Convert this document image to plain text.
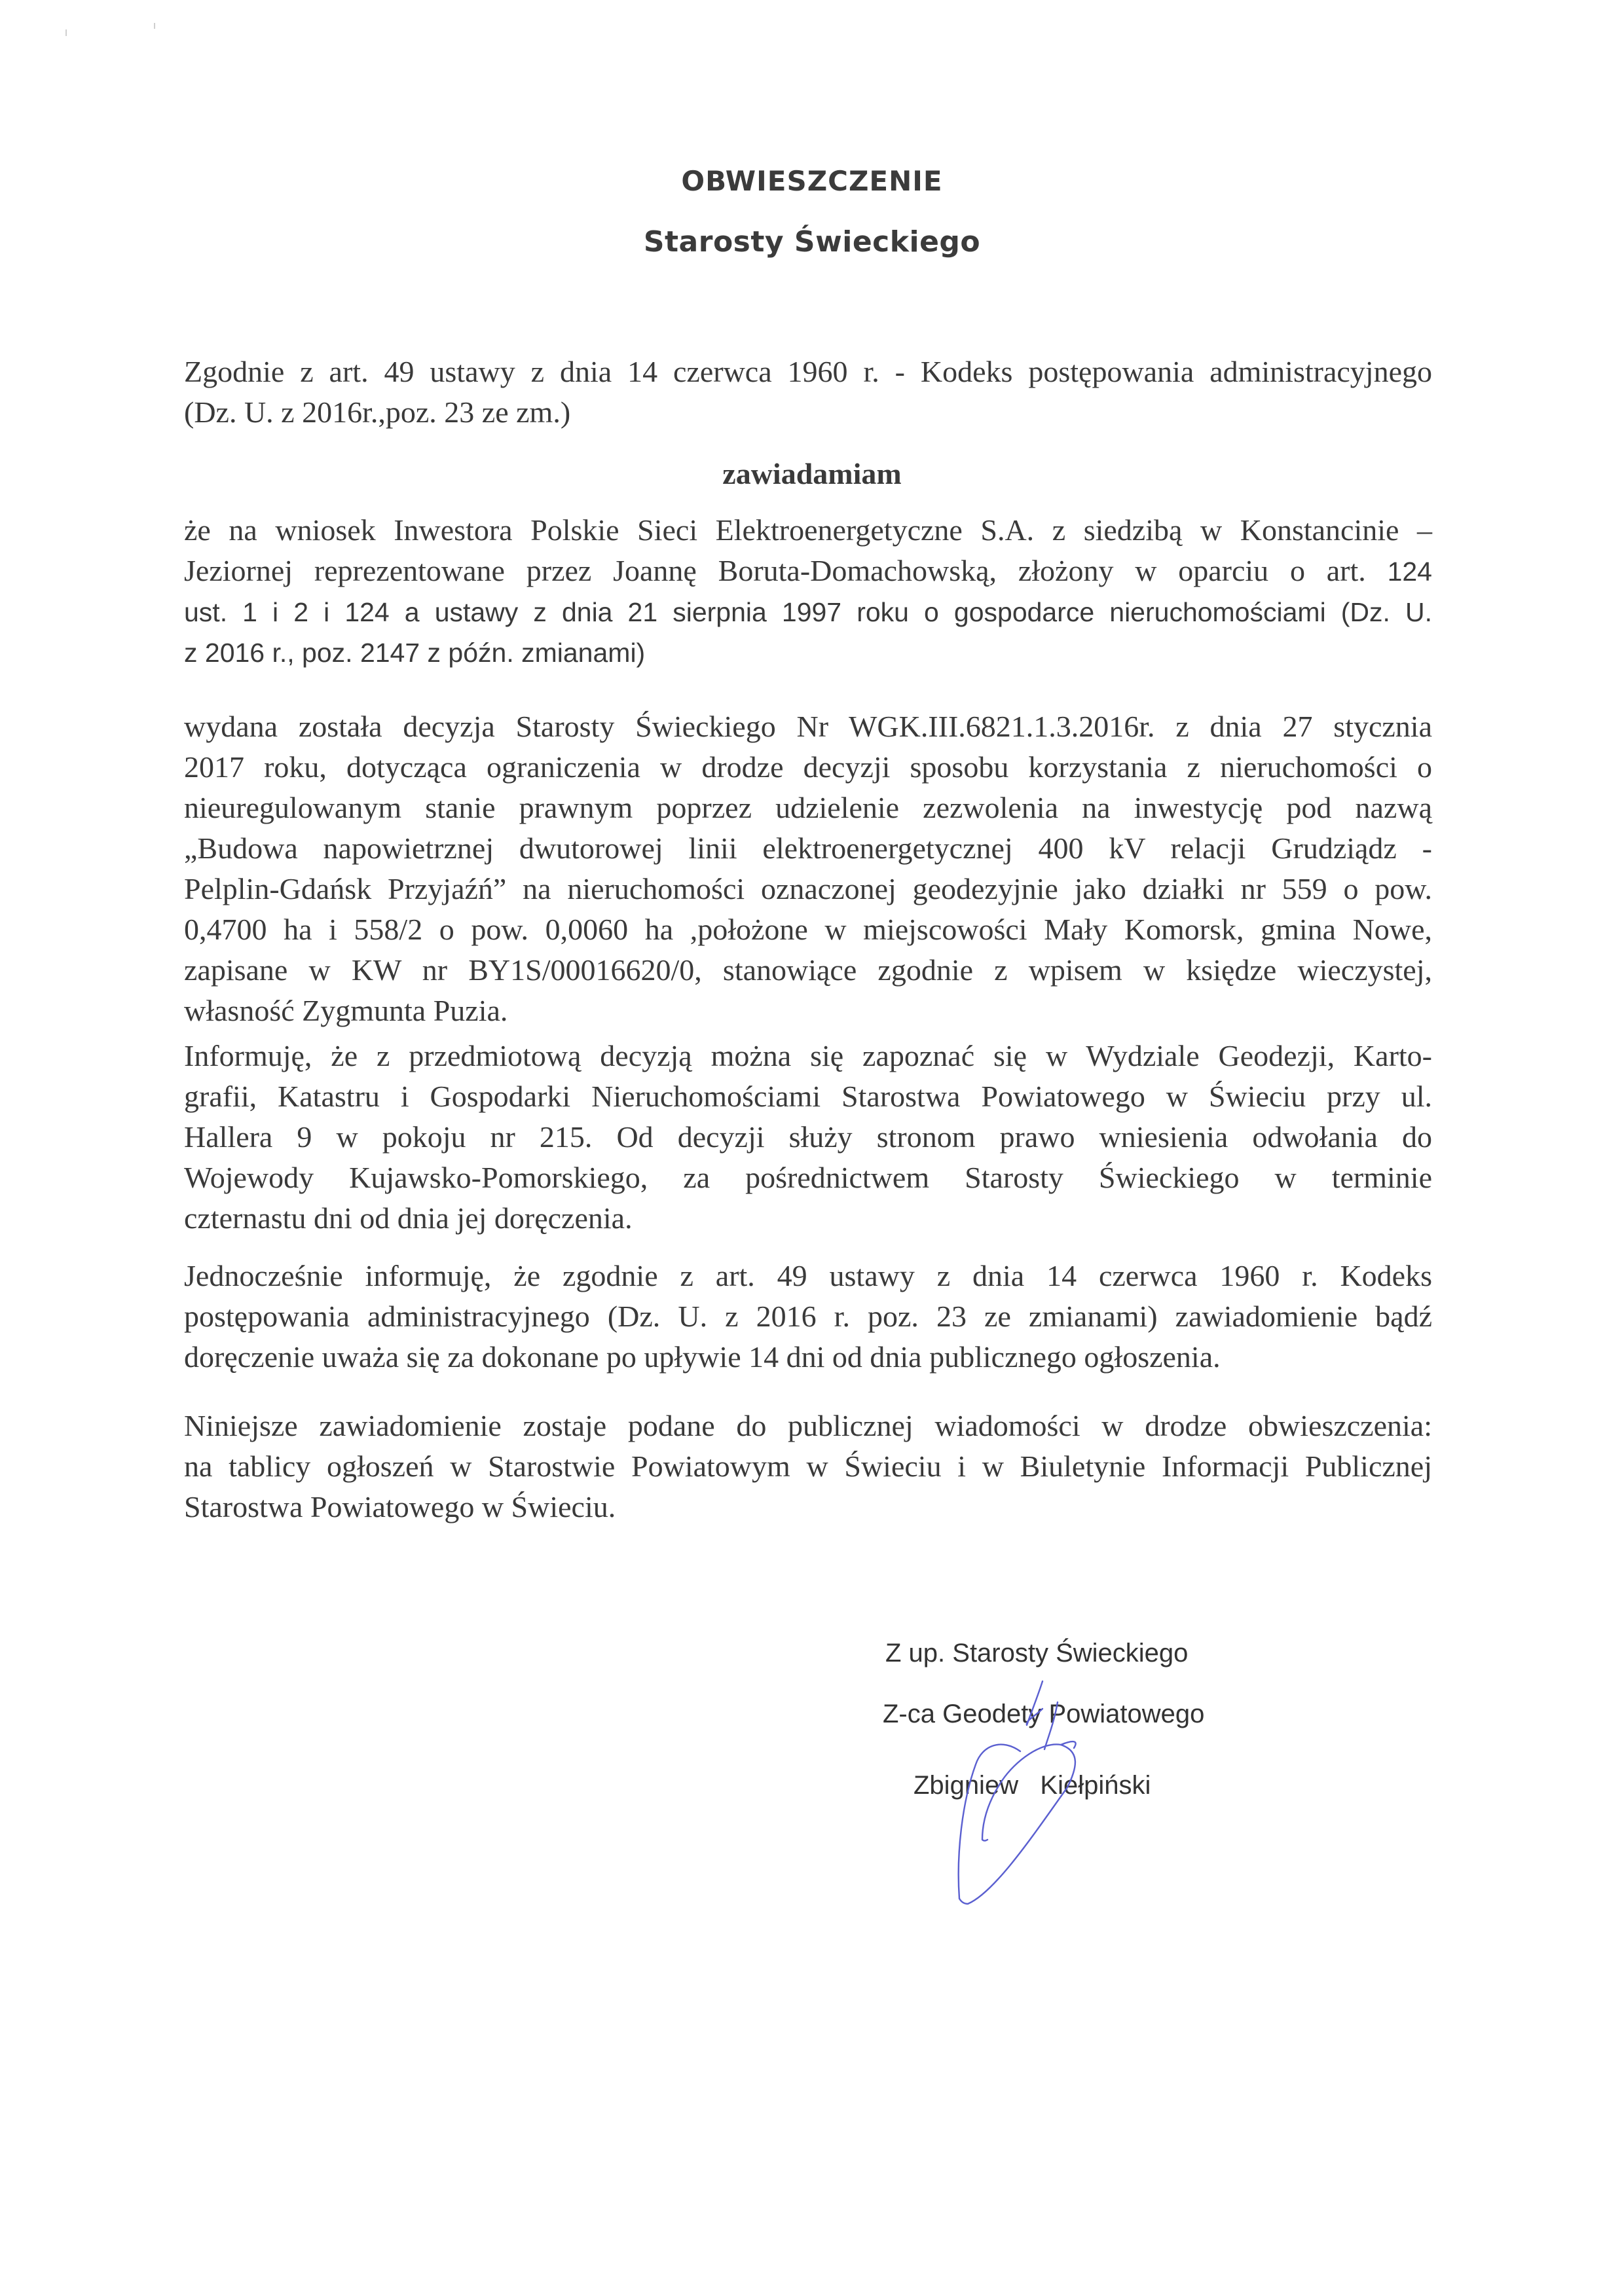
OBWIESZCZENIE
Starosty Świeckiego
Zgodnie z art. 49 ustawy z dnia 14 czerwca 1960 r. - Kodeks postępowania administracyjnego
(Dz. U. z 2016r.,poz. 23 ze zm.)
zawiadamiam
że na wniosek Inwestora Polskie Sieci Elektroenergetyczne S.A. z siedzibą w Konstancinie –
Jeziornej reprezentowane przez Joannę Boruta-Domachowską, złożony w oparciu o art. 124
ust. 1 i 2 i 124 a ustawy z dnia 21 sierpnia 1997 roku o gospodarce nieruchomościami (Dz. U.
z 2016 r., poz. 2147 z późn. zmianami)
wydana została decyzja Starosty Świeckiego Nr WGK.III.6821.1.3.2016r. z dnia 27 stycznia
2017 roku, dotycząca ograniczenia w drodze decyzji sposobu korzystania z nieruchomości o
nieuregulowanym stanie prawnym poprzez udzielenie zezwolenia na inwestycję pod nazwą
„Budowa napowietrznej dwutorowej linii elektroenergetycznej 400 kV relacji Grudziądz -
Pelplin-Gdańsk Przyjaźń” na nieruchomości oznaczonej geodezyjnie jako działki nr 559 o pow.
0,4700 ha i 558/2 o pow. 0,0060 ha ,położone w miejscowości Mały Komorsk, gmina Nowe,
zapisane w KW nr BY1S/00016620/0, stanowiące zgodnie z wpisem w księdze wieczystej,
własność Zygmunta Puzia.
Informuję, że z przedmiotową decyzją można się zapoznać się w Wydziale Geodezji, Karto-
grafii, Katastru i Gospodarki Nieruchomościami Starostwa Powiatowego w Świeciu przy ul.
Hallera 9 w pokoju nr 215. Od decyzji służy stronom prawo wniesienia odwołania do
Wojewody Kujawsko-Pomorskiego, za pośrednictwem Starosty Świeckiego w terminie
czternastu dni od dnia jej doręczenia.
Jednocześnie informuję, że zgodnie z art. 49 ustawy z dnia 14 czerwca 1960 r. Kodeks
postępowania administracyjnego (Dz. U. z 2016 r. poz. 23 ze zmianami) zawiadomienie bądź
doręczenie uważa się za dokonane po upływie 14 dni od dnia publicznego ogłoszenia.
Niniejsze zawiadomienie zostaje podane do publicznej wiadomości w drodze obwieszczenia:
na tablicy ogłoszeń w Starostwie Powiatowym w Świeciu i w Biuletynie Informacji Publicznej
Starostwa Powiatowego w Świeciu.
Z up. Starosty Świeckiego
Z-ca Geodety Powiatowego
Zbigniew   Kiełpiński
